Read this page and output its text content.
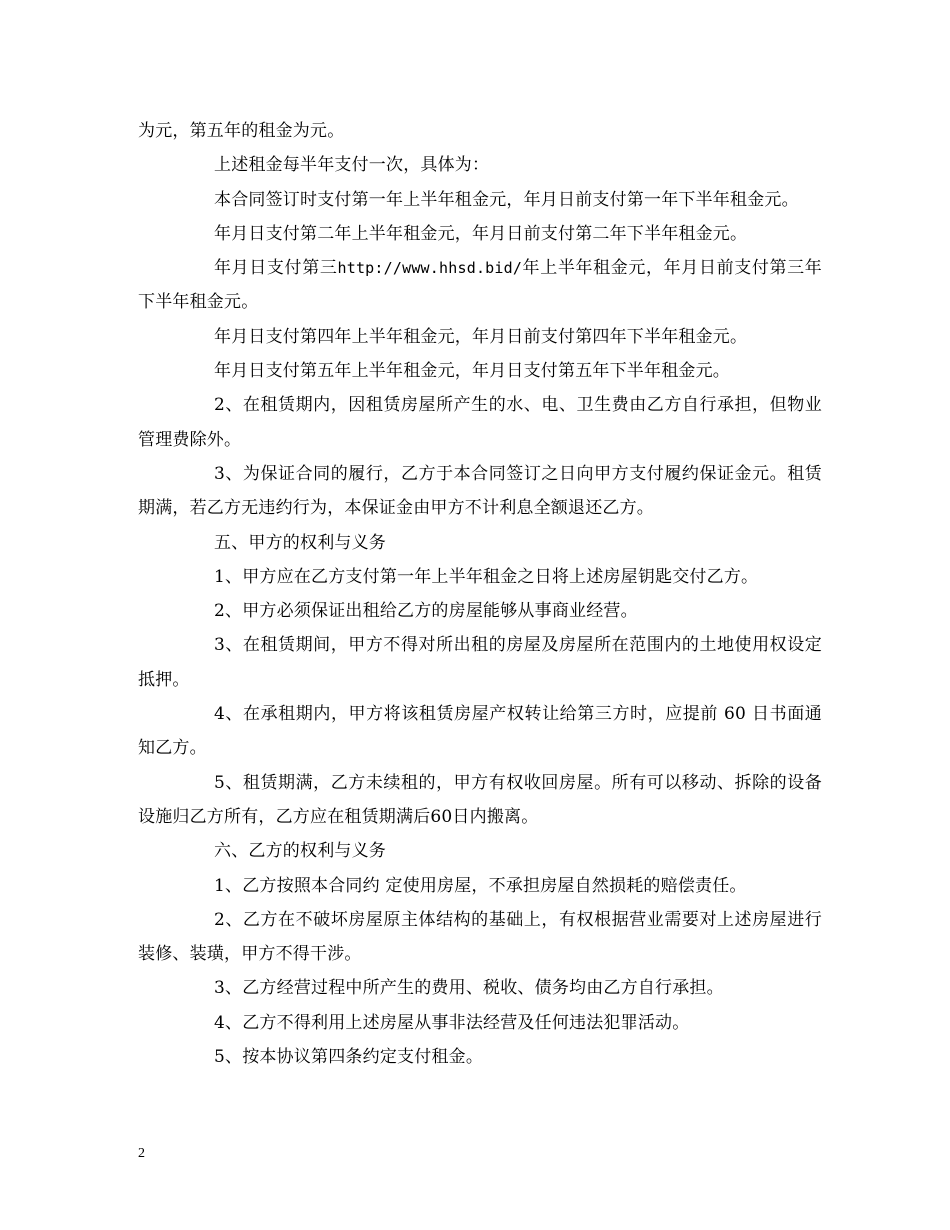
为元，第五年的租金为元。

上述租金每半年支付一次，具体为：

本合同签订时支付第一年上半年租金元，年月日前支付第一年下半年租金元。

年月日支付第二年上半年租金元，年月日前支付第二年下半年租金元。

年月日支付第三http://www.hhsd.bid/年上半年租金元，年月日前支付第三年下半年租金元。

年月日支付第四年上半年租金元，年月日前支付第四年下半年租金元。

年月日支付第五年上半年租金元，年月日支付第五年下半年租金元。

2、在租赁期内，因租赁房屋所产生的水、电、卫生费由乙方自行承担，但物业管理费除外。

3、为保证合同的履行，乙方于本合同签订之日向甲方支付履约保证金元。租赁期满，若乙方无违约行为，本保证金由甲方不计利息全额退还乙方。

五、甲方的权利与义务

1、甲方应在乙方支付第一年上半年租金之日将上述房屋钥匙交付乙方。

2、甲方必须保证出租给乙方的房屋能够从事商业经营。

3、在租赁期间，甲方不得对所出租的房屋及房屋所在范围内的土地使用权设定抵押。

4、在承租期内，甲方将该租赁房屋产权转让给第三方时，应提前 60 日书面通知乙方。

5、租赁期满，乙方未续租的，甲方有权收回房屋。所有可以移动、拆除的设备设施归乙方所有，乙方应在租赁期满后60日内搬离。

六、乙方的权利与义务

1、乙方按照本合同约 定使用房屋，不承担房屋自然损耗的赔偿责任。

2、乙方在不破坏房屋原主体结构的基础上，有权根据营业需要对上述房屋进行装修、装璜，甲方不得干涉。

3、乙方经营过程中所产生的费用、税收、债务均由乙方自行承担。

4、乙方不得利用上述房屋从事非法经营及任何违法犯罪活动。

5、按本协议第四条约定支付租金。

2
